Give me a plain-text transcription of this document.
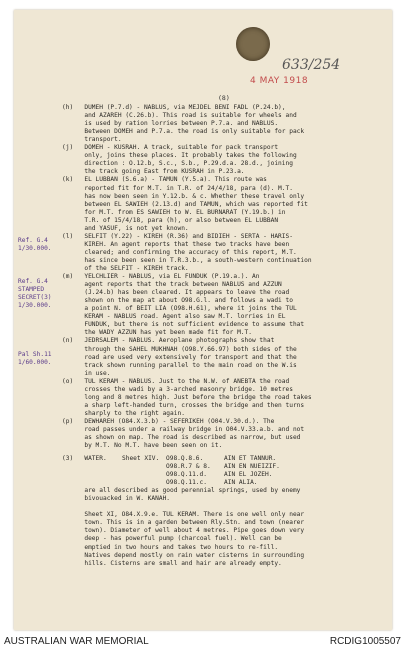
633/254
4 MAY 1918
(8)
Ref. G.4
1/30.000.
Ref. G.4
STAMPED
SECRET(3)
1/30.000.
Pal Sh.11
1/60.000.
(h)   DUMEH (P.7.d) - NABLUS, via MEJDEL BENI FADL (P.24.b),
and AZAREH (C.26.b). This road is suitable for wheels and
is used by ration lorries between P.7.a. and NABLUS.
Between DOMEH and P.7.a. the road is only suitable for pack
transport.
(j)   DOMEH - KUSRAH. A track, suitable for pack transport
only, joins these places. It probably takes the following
direction : O.12.b, S.c., S.b., P.29.d.a. 28.d., joining
the track going East from KUSRAH in P.23.a.
(k)   EL LUBBAN (S.6.a) - TAMUN (Y.5.a). This route was
reported fit for M.T. in T.R. of 24/4/18, para (d). M.T.
has now been seen in Y.12.b. & c. Whether these travel only
between EL SAWIEH (2.13.d) and TAMUN, which was reported fit
for M.T. from ES SAWIEH to W. EL BURNARAT (Y.19.b.) in
T.R. of 15/4/18, para (h), or also between EL LUBBAN
and YASUF, is not yet known.
(l)   SELFIT (Y.22) - KIREH (R.36) and BIDIEH - SERTA - HARIS-
KIREH. An agent reports that these two tracks have been
cleared; and confirming the accuracy of this report, M.T.
has since been seen in T.R.3.b., a south-western continuation
of the SELFIT - KIREH track.
(m)   YELCHLIER - NABLUS, via EL FUNDUK (P.19.a.). An
agent reports that the track between NABLUS and AZZUN
(J.24.b) has been cleared. It appears to leave the road
shown on the map at about O98.G.l. and follows a wadi to
a point N. of BEIT LIA (O98.H.61), where it joins the TUL
KERAM - NABLUS road. Agent also saw M.T. lorries in EL
FUNDUK, but there is not sufficient evidence to assume that
the WADY AZZUN has yet been made fit for M.T.
(n)   JEDRSALEM - NABLUS. Aeroplane photographs show that
through the SAHEL MUKHNAH (O98.Y.66.97) both sides of the
road are used very extensively for transport and that the
track shown running parallel to the main road on the W.is
in use.
(o)   TUL KERAM - NABLUS. Just to the N.W. of ANEBTA the road
crosses the wadi by a 3-arched masonry bridge. 10 metres
long and 8 metres high. Just before the bridge the road takes
a sharp left-handed turn, crosses the bridge and then turns
sharply to the right again.
(p)   DEWHAREH (O84.X.3.b) - SEFERIKEH (O04.V.30.d.). The
road passes under a railway bridge in O04.V.33.a.b. and not
as shown on map. The road is described as narrow, but used
by M.T. No M.T. have been seen on it.
(3)   WATER. Sheet XIV. O98.Q.8.6.	AIN ET TANNUR.
O98.R.7 & 8. AIN EN NUEIZIF.
O98.Q.11.d.	AIN EL JOZEH.
O98.Q.11.c.	AIN ALIA.
are all described as good perennial springs, used by enemy
bivouacked in W. KANAH.
Sheet XI, O84.X.9.e. TUL KERAM. There is one well only near
town. This is in a garden between Rly.Stn. and town (nearer
town). Diameter of well about 4 metres. Pipe goes down very
deep - has powerful pump (charcoal fuel). Well can be
emptied in two hours and takes two hours to re-fill.
Natives depend mostly on rain water cisterns in surrounding
hills. Cisterns are small and hair are already empty.
AUSTRALIAN WAR MEMORIAL	RCDIG1005507
